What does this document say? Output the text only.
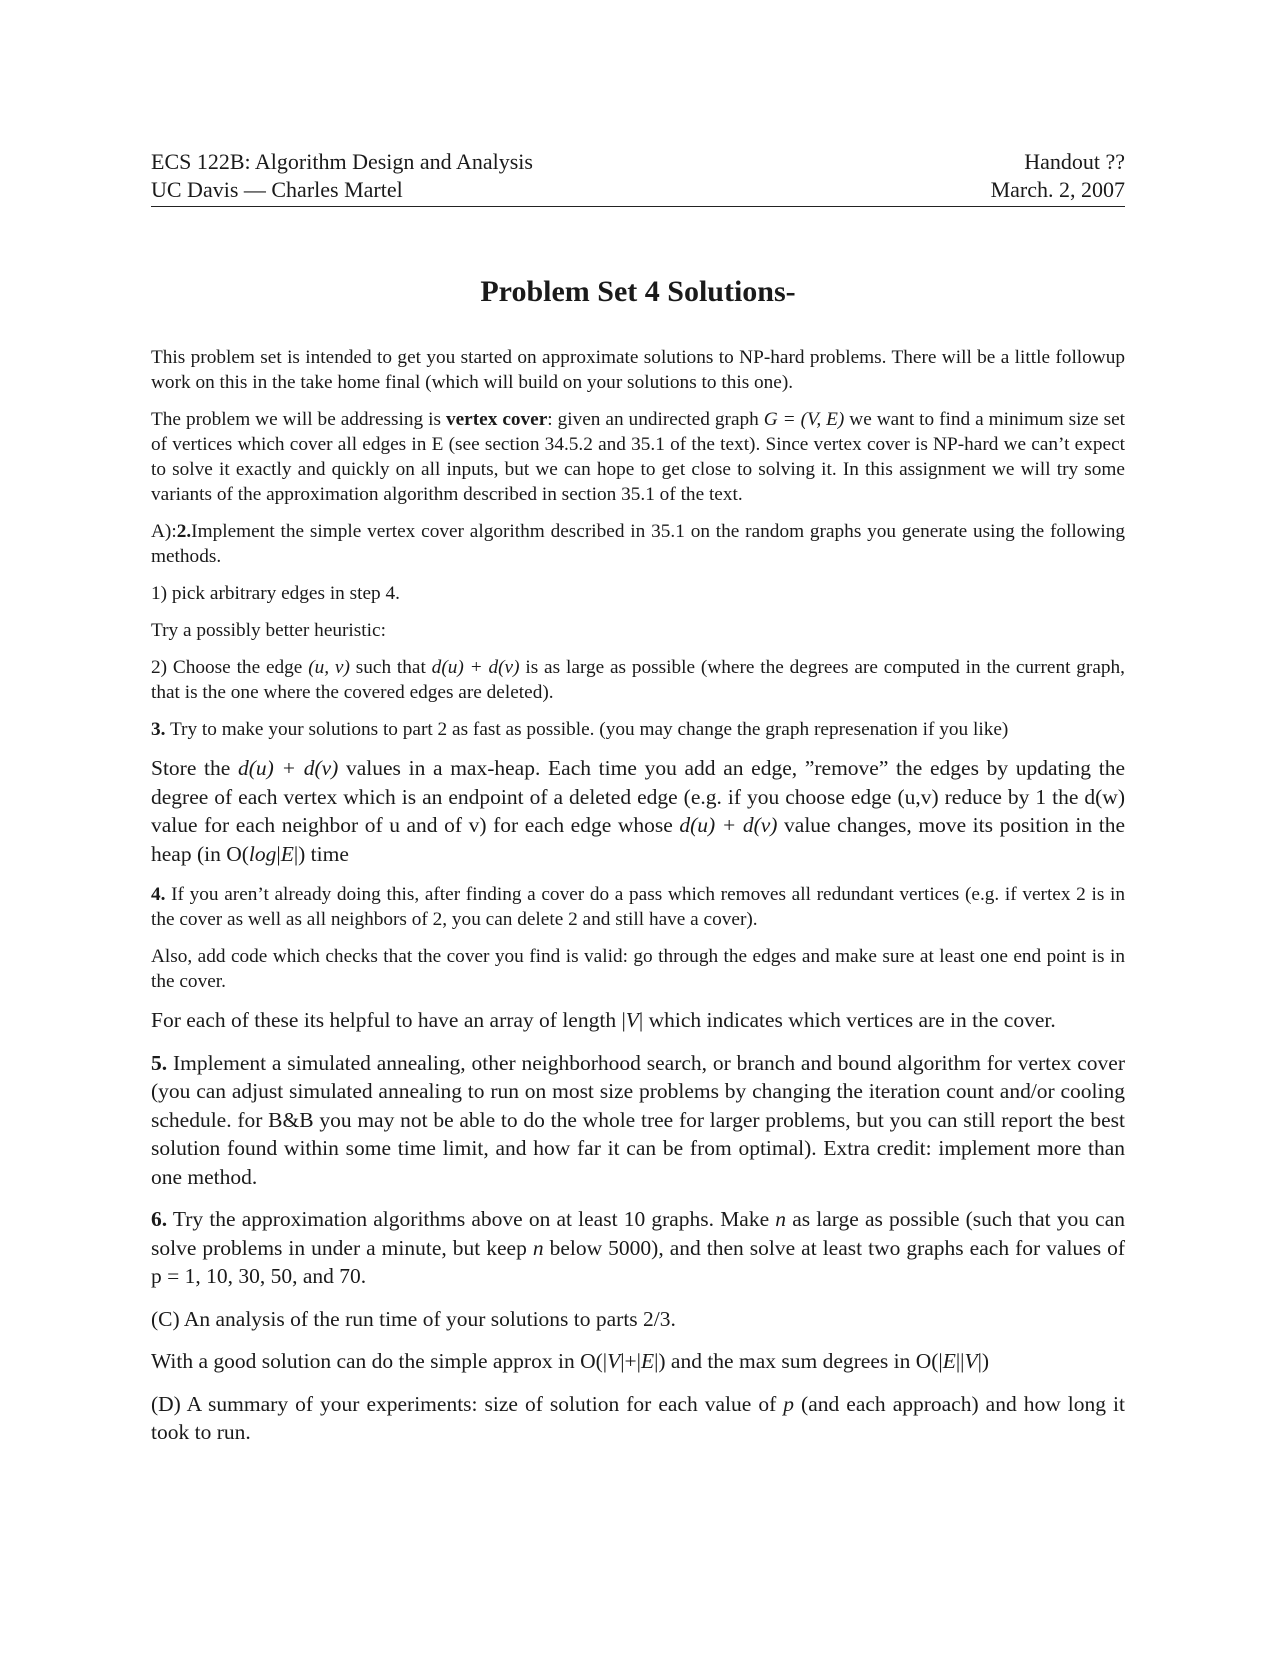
ECS 122B: Algorithm Design and Analysis
UC Davis — Charles Martel
Handout ??
March. 2, 2007
Problem Set 4 Solutions-

This problem set is intended to get you started on approximate solutions to NP-hard problems. There will be a little followup work on this in the take home final (which will build on your solutions to this one).

The problem we will be addressing is vertex cover: given an undirected graph G = (V, E) we want to find a minimum size set of vertices which cover all edges in E (see section 34.5.2 and 35.1 of the text). Since vertex cover is NP-hard we can’t expect to solve it exactly and quickly on all inputs, but we can hope to get close to solving it. In this assignment we will try some variants of the approximation algorithm described in section 35.1 of the text.

A):2.Implement the simple vertex cover algorithm described in 35.1 on the random graphs you generate using the following methods.

1) pick arbitrary edges in step 4.

Try a possibly better heuristic:

2) Choose the edge (u, v) such that d(u) + d(v) is as large as possible (where the degrees are computed in the current graph, that is the one where the covered edges are deleted).

3. Try to make your solutions to part 2 as fast as possible. (you may change the graph represenation if you like)

Store the d(u) + d(v) values in a max-heap. Each time you add an edge, ”remove” the edges by updating the degree of each vertex which is an endpoint of a deleted edge (e.g. if you choose edge (u,v) reduce by 1 the d(w) value for each neighbor of u and of v) for each edge whose d(u) + d(v) value changes, move its position in the heap (in O(log|E|) time

4. If you aren’t already doing this, after finding a cover do a pass which removes all redundant vertices (e.g. if vertex 2 is in the cover as well as all neighbors of 2, you can delete 2 and still have a cover).

Also, add code which checks that the cover you find is valid: go through the edges and make sure at least one end point is in the cover.

For each of these its helpful to have an array of length |V| which indicates which vertices are in the cover.

5. Implement a simulated annealing, other neighborhood search, or branch and bound algorithm for vertex cover (you can adjust simulated annealing to run on most size problems by changing the iteration count and/or cooling schedule. for B&B you may not be able to do the whole tree for larger problems, but you can still report the best solution found within some time limit, and how far it can be from optimal). Extra credit: implement more than one method.

6. Try the approximation algorithms above on at least 10 graphs. Make n as large as possible (such that you can solve problems in under a minute, but keep n below 5000), and then solve at least two graphs each for values of p = 1, 10, 30, 50, and 70.

(C) An analysis of the run time of your solutions to parts 2/3.

With a good solution can do the simple approx in O(|V|+|E|) and the max sum degrees in O(|E||V|)

(D) A summary of your experiments: size of solution for each value of p (and each approach) and how long it took to run.
